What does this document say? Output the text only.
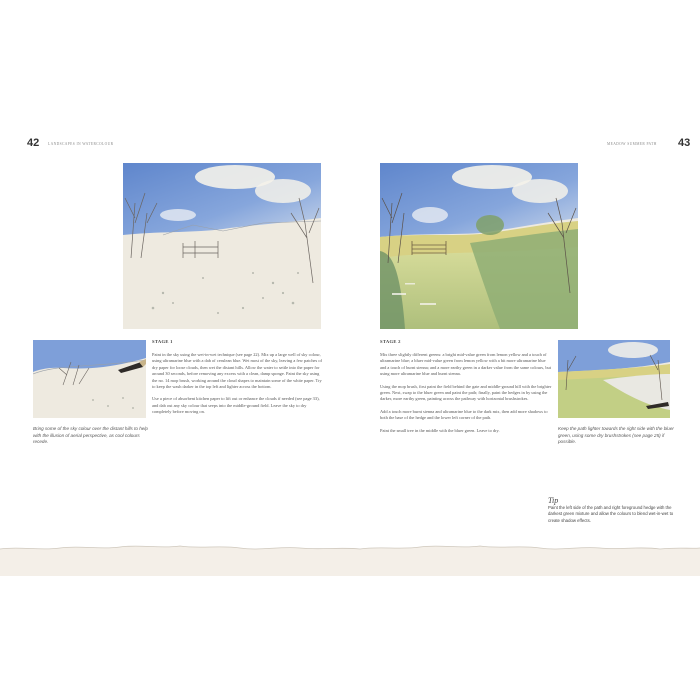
42 LANDSCAPES IN WATERCOLOUR
Bring some of the sky colour over the distant hills to help with the illusion of aerial perspective, as cool colours recede.
STAGE 1

Paint in the sky using the wet-in-wet technique (see page 22). Mix up a large well of sky colour, using ultramarine blue with a dab of cerulean blue. Wet most of the sky, leaving a few patches of dry paper for loose clouds, then wet the distant hills. Allow the water to settle into the paper for around 30 seconds, before removing any excess with a clean, damp sponge. Paint the sky using the no. 14 mop brush, working around the cloud shapes to maintain some of the white paper. Try to keep the wash darker in the top left and lighter across the bottom.

Use a piece of absorbent kitchen paper to lift out or enhance the clouds if needed (see page 33), and dab out any sky colour that seeps into the middle-ground field. Leave the sky to dry completely before moving on.

MEADOW SUMMER PATH 43
Keep the path lighter towards the right side with the bluer green, using some dry brushstrokes (see page 25) if possible.
STAGE 2

Mix three slightly different greens: a bright mid-value green from lemon yellow and a touch of ultramarine blue; a bluer mid-value green from lemon yellow with a bit more ultramarine blue and a touch of burnt sienna; and a more earthy green in a darker value from the same colours, but using more ultramarine blue and burnt sienna.

Using the mop brush, first paint the field behind the gate and middle-ground hill with the brighter green. Next, swap to the bluer green and paint the path; finally, paint the hedges in by using the darker, more earthy green, painting across the pathway with horizontal brushstrokes.

Add a touch more burnt sienna and ultramarine blue to the dark mix, then add more shadows to both the base of the hedge and the lower left corner of the path.

Paint the small tree in the middle with the bluer green. Leave to dry.

Tip
Paint the left side of the path and right foreground hedge with the darkest green mixture and allow the colours to blend wet-in-wet to create shadow effects.
